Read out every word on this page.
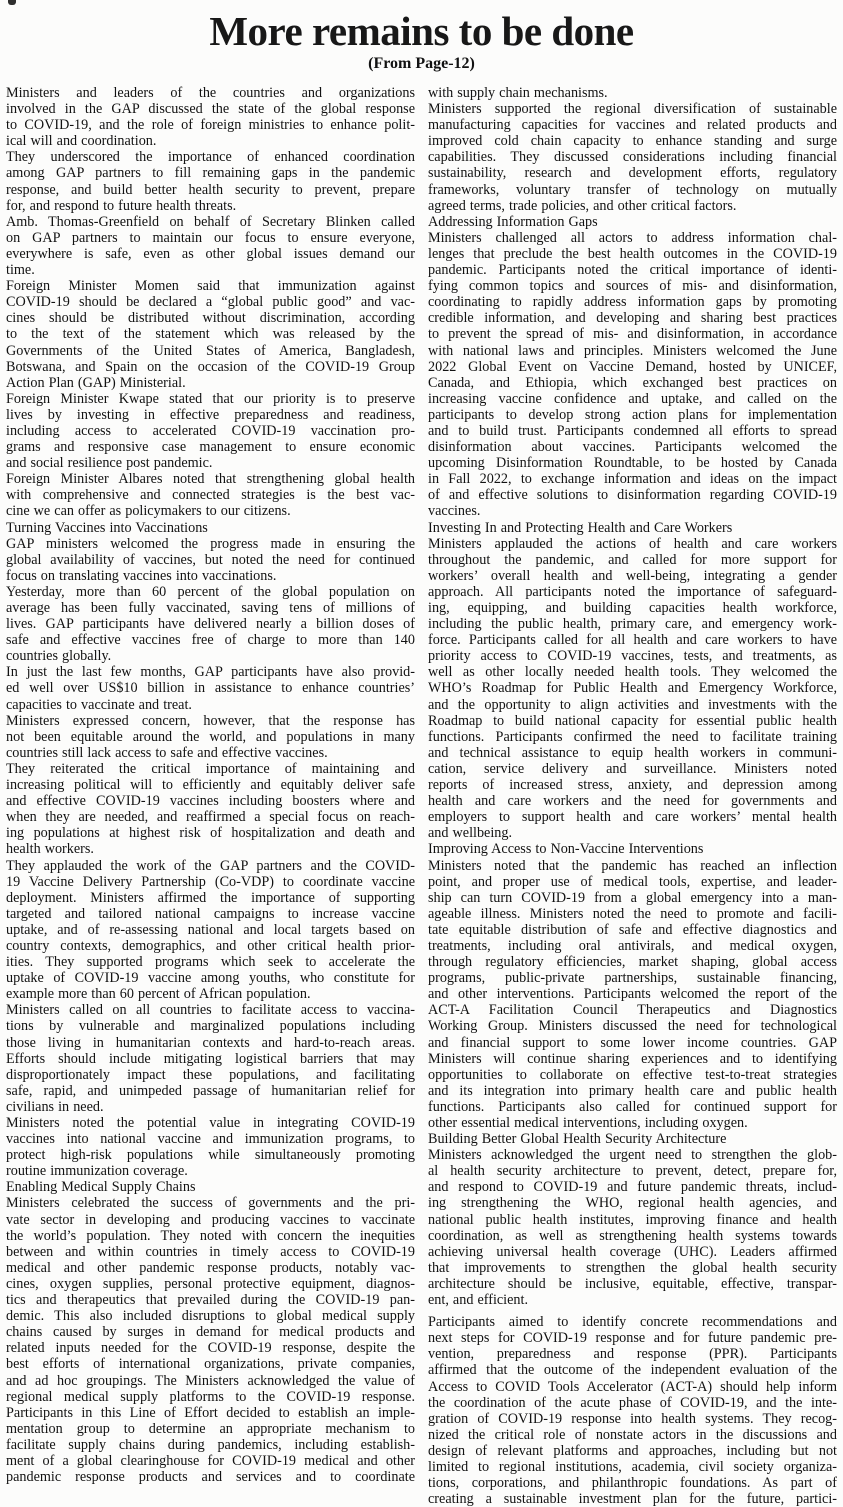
More remains to be done
(From Page-12)
Ministers and leaders of the countries and organizations
involved in the GAP discussed the state of the global response
to COVID-19, and the role of foreign ministries to enhance polit-
ical will and coordination.
They underscored the importance of enhanced coordination
among GAP partners to fill remaining gaps in the pandemic
response, and build better health security to prevent, prepare
for, and respond to future health threats.
Amb. Thomas-Greenfield on behalf of Secretary Blinken called
on GAP partners to maintain our focus to ensure everyone,
everywhere is safe, even as other global issues demand our
time.
Foreign Minister Momen said that immunization against
COVID-19 should be declared a “global public good” and vac-
cines should be distributed without discrimination, according
to the text of the statement which was released by the
Governments of the United States of America, Bangladesh,
Botswana, and Spain on the occasion of the COVID-19 Group
Action Plan (GAP) Ministerial.
Foreign Minister Kwape stated that our priority is to preserve
lives by investing in effective preparedness and readiness,
including access to accelerated COVID-19 vaccination pro-
grams and responsive case management to ensure economic
and social resilience post pandemic.
Foreign Minister Albares noted that strengthening global health
with comprehensive and connected strategies is the best vac-
cine we can offer as policymakers to our citizens.
Turning Vaccines into Vaccinations
GAP ministers welcomed the progress made in ensuring the
global availability of vaccines, but noted the need for continued
focus on translating vaccines into vaccinations.
Yesterday, more than 60 percent of the global population on
average has been fully vaccinated, saving tens of millions of
lives. GAP participants have delivered nearly a billion doses of
safe and effective vaccines free of charge to more than 140
countries globally.
In just the last few months, GAP participants have also provid-
ed well over US$10 billion in assistance to enhance countries’
capacities to vaccinate and treat.
Ministers expressed concern, however, that the response has
not been equitable around the world, and populations in many
countries still lack access to safe and effective vaccines.
They reiterated the critical importance of maintaining and
increasing political will to efficiently and equitably deliver safe
and effective COVID-19 vaccines including boosters where and
when they are needed, and reaffirmed a special focus on reach-
ing populations at highest risk of hospitalization and death and
health workers.
They applauded the work of the GAP partners and the COVID-
19 Vaccine Delivery Partnership (Co-VDP) to coordinate vaccine
deployment. Ministers affirmed the importance of supporting
targeted and tailored national campaigns to increase vaccine
uptake, and of re-assessing national and local targets based on
country contexts, demographics, and other critical health prior-
ities. They supported programs which seek to accelerate the
uptake of COVID-19 vaccine among youths, who constitute for
example more than 60 percent of African population.
Ministers called on all countries to facilitate access to vaccina-
tions by vulnerable and marginalized populations including
those living in humanitarian contexts and hard-to-reach areas.
Efforts should include mitigating logistical barriers that may
disproportionately impact these populations, and facilitating
safe, rapid, and unimpeded passage of humanitarian relief for
civilians in need.
Ministers noted the potential value in integrating COVID-19
vaccines into national vaccine and immunization programs, to
protect high-risk populations while simultaneously promoting
routine immunization coverage.
Enabling Medical Supply Chains
Ministers celebrated the success of governments and the pri-
vate sector in developing and producing vaccines to vaccinate
the world’s population. They noted with concern the inequities
between and within countries in timely access to COVID-19
medical and other pandemic response products, notably vac-
cines, oxygen supplies, personal protective equipment, diagnos-
tics and therapeutics that prevailed during the COVID-19 pan-
demic. This also included disruptions to global medical supply
chains caused by surges in demand for medical products and
related inputs needed for the COVID-19 response, despite the
best efforts of international organizations, private companies,
and ad hoc groupings. The Ministers acknowledged the value of
regional medical supply platforms to the COVID-19 response.
Participants in this Line of Effort decided to establish an imple-
mentation group to determine an appropriate mechanism to
facilitate supply chains during pandemics, including establish-
ment of a global clearinghouse for COVID-19 medical and other
pandemic response products and services and to coordinate
with supply chain mechanisms.
Ministers supported the regional diversification of sustainable
manufacturing capacities for vaccines and related products and
improved cold chain capacity to enhance standing and surge
capabilities. They discussed considerations including financial
sustainability, research and development efforts, regulatory
frameworks, voluntary transfer of technology on mutually
agreed terms, trade policies, and other critical factors.
Addressing Information Gaps
Ministers challenged all actors to address information chal-
lenges that preclude the best health outcomes in the COVID-19
pandemic. Participants noted the critical importance of identi-
fying common topics and sources of mis- and disinformation,
coordinating to rapidly address information gaps by promoting
credible information, and developing and sharing best practices
to prevent the spread of mis- and disinformation, in accordance
with national laws and principles. Ministers welcomed the June
2022 Global Event on Vaccine Demand, hosted by UNICEF,
Canada, and Ethiopia, which exchanged best practices on
increasing vaccine confidence and uptake, and called on the
participants to develop strong action plans for implementation
and to build trust. Participants condemned all efforts to spread
disinformation about vaccines. Participants welcomed the
upcoming Disinformation Roundtable, to be hosted by Canada
in Fall 2022, to exchange information and ideas on the impact
of and effective solutions to disinformation regarding COVID-19
vaccines.
Investing In and Protecting Health and Care Workers
Ministers applauded the actions of health and care workers
throughout the pandemic, and called for more support for
workers’ overall health and well-being, integrating a gender
approach. All participants noted the importance of safeguard-
ing, equipping, and building capacities health workforce,
including the public health, primary care, and emergency work-
force. Participants called for all health and care workers to have
priority access to COVID-19 vaccines, tests, and treatments, as
well as other locally needed health tools. They welcomed the
WHO’s Roadmap for Public Health and Emergency Workforce,
and the opportunity to align activities and investments with the
Roadmap to build national capacity for essential public health
functions. Participants confirmed the need to facilitate training
and technical assistance to equip health workers in communi-
cation, service delivery and surveillance. Ministers noted
reports of increased stress, anxiety, and depression among
health and care workers and the need for governments and
employers to support health and care workers’ mental health
and wellbeing.
Improving Access to Non-Vaccine Interventions
Ministers noted that the pandemic has reached an inflection
point, and proper use of medical tools, expertise, and leader-
ship can turn COVID-19 from a global emergency into a man-
ageable illness. Ministers noted the need to promote and facili-
tate equitable distribution of safe and effective diagnostics and
treatments, including oral antivirals, and medical oxygen,
through regulatory efficiencies, market shaping, global access
programs, public-private partnerships, sustainable financing,
and other interventions. Participants welcomed the report of the
ACT-A Facilitation Council Therapeutics and Diagnostics
Working Group. Ministers discussed the need for technological
and financial support to some lower income countries. GAP
Ministers will continue sharing experiences and to identifying
opportunities to collaborate on effective test-to-treat strategies
and its integration into primary health care and public health
functions. Participants also called for continued support for
other essential medical interventions, including oxygen.
Building Better Global Health Security Architecture
Ministers acknowledged the urgent need to strengthen the glob-
al health security architecture to prevent, detect, prepare for,
and respond to COVID-19 and future pandemic threats, includ-
ing strengthening the WHO, regional health agencies, and
national public health institutes, improving finance and health
coordination, as well as strengthening health systems towards
achieving universal health coverage (UHC). Leaders affirmed
that improvements to strengthen the global health security
architecture should be inclusive, equitable, effective, transpar-
ent, and efficient.
Participants aimed to identify concrete recommendations and
next steps for COVID-19 response and for future pandemic pre-
vention, preparedness and response (PPR). Participants
affirmed that the outcome of the independent evaluation of the
Access to COVID Tools Accelerator (ACT-A) should help inform
the coordination of the acute phase of COVID-19, and the inte-
gration of COVID-19 response into health systems. They recog-
nized the critical role of nonstate actors in the discussions and
design of relevant platforms and approaches, including but not
limited to regional institutions, academia, civil society organiza-
tions, corporations, and philanthropic foundations. As part of
creating a sustainable investment plan for the future, partici-
